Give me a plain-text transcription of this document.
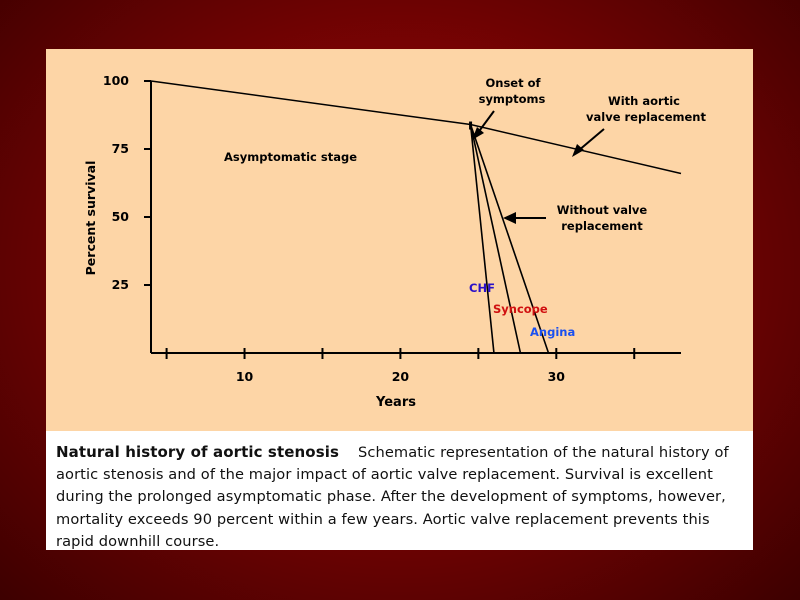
25
50
75
100
10	20	30
Percent survival
Years
Asymptomatic stage
Onset of
symptoms	With aortic
valve replacement
Without valve
replacement
CHF
Syncope
Angina
Natural history of aortic stenosis Schematic representation of the natural history of aortic stenosis and of the major impact of aortic valve replacement. Survival is excellent during the prolonged asymptomatic phase. After the development of symptoms, however, mortality exceeds 90 percent within a few years. Aortic valve replacement prevents this rapid downhill course.
